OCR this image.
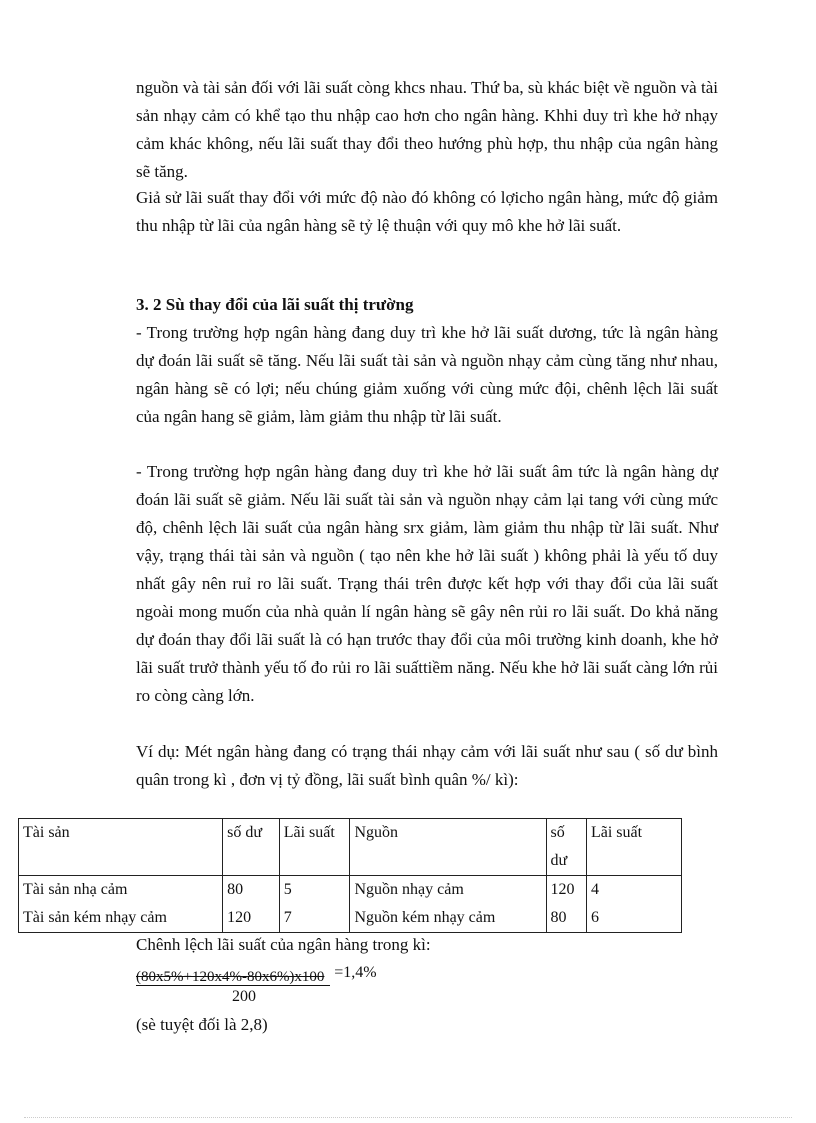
nguồn và tài sản đối với lãi suất còng khcs nhau. Thứ ba, sù khác biệt về nguồn và tài sản nhạy cảm có khể tạo thu nhập cao hơn cho ngân hàng. Khhi duy trì khe hở nhạy cảm khác không, nếu lãi suất thay đổi theo hướng phù hợp, thu nhập của ngân hàng sẽ tăng.

Giả sử lãi suất thay đổi với mức độ nào đó không có lợicho ngân hàng, mức độ giảm thu nhập từ lãi của ngân hàng sẽ tỷ lệ thuận với quy mô khe hở lãi suất.

3. 2 Sù thay đổi của lãi suất thị trường

- Trong trường hợp ngân hàng đang duy trì khe hở lãi suất dương, tức là ngân hàng dự đoán lãi suất sẽ tăng. Nếu lãi suất tài sản và nguồn nhạy cảm cùng tăng như nhau, ngân hàng sẽ có lợi; nếu chúng giảm xuống với cùng mức đội, chênh lệch lãi suất của ngân hang sẽ giảm, làm giảm thu nhập từ lãi suất.

- Trong trường hợp ngân hàng đang duy trì khe hở lãi suất âm tức là ngân hàng dự đoán lãi suất sẽ giảm. Nếu lãi suất tài sản và nguồn nhạy cảm lại tang với cùng mức độ, chênh lệch lãi suất của ngân hàng srx giảm, làm giảm thu nhập từ lãi suất. Như vậy, trạng thái tài sản và nguồn ( tạo nên khe hở lãi suất ) không phải là yếu tố duy nhất gây nên ruỉ ro lãi suất. Trạng thái trên được kết hợp với thay đổi của lãi suất ngoài mong muốn của nhà quản lí ngân hàng sẽ gây nên rủi ro lãi suất. Do khả năng dự đoán thay đổi lãi suất là có hạn trước thay đổi của môi trường kinh doanh, khe hở lãi suất trưở thành yếu tố đo rủi ro lãi suấttiềm năng. Nếu khe hở lãi suất càng lớn rủi ro còng càng lớn.

Ví dụ: Mét ngân hàng đang có trạng thái nhạy cảm với lãi suất như sau ( số dư bình quân trong kì , đơn vị tỷ đồng, lãi suất bình quân %/ kì):

Tài sản	số dư	Lãi suất	Nguồn	số dư	Lãi suất
Tài sản nhạ cảm	80	5	Nguồn nhạy cảm	120	4
Tài sản kém nhạy cảm	120	7	Nguồn kém nhạy cảm	80	6
Chênh lệch lãi suất của ngân hàng trong kì:
(80x5%+120x4%-80x6%)x100 =1,4%
200
(sè tuyệt đối là 2,8)
